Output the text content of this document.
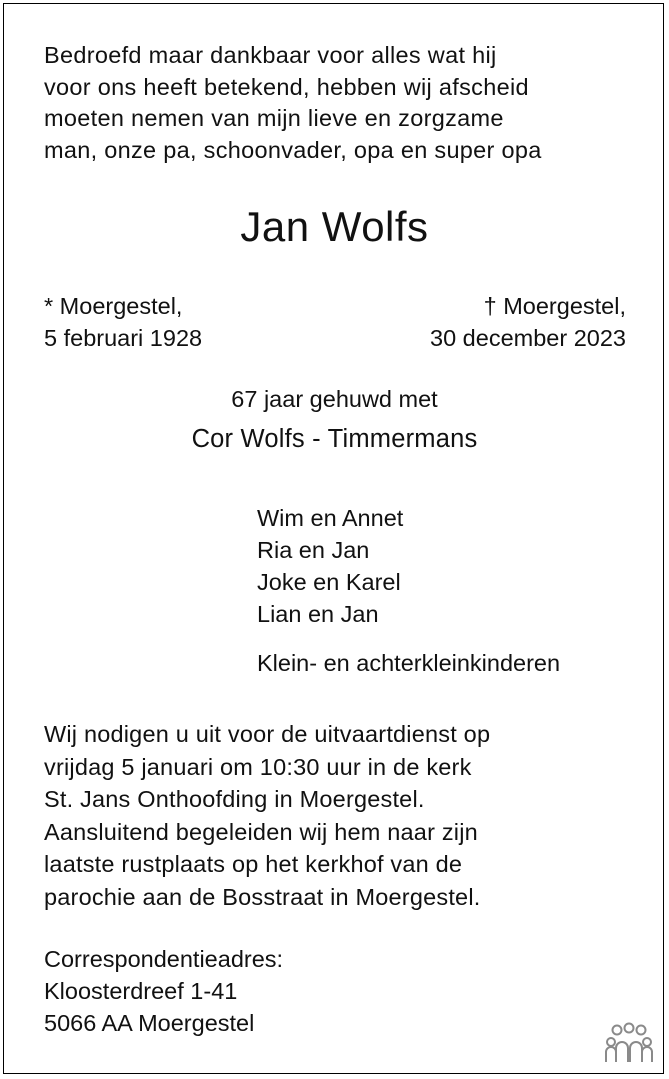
Bedroefd maar dankbaar voor alles wat hij
voor ons heeft betekend, hebben wij afscheid
moeten nemen van mijn lieve en zorgzame
man, onze pa, schoonvader, opa en super opa
Jan Wolfs
* Moergestel,
5 februari 1928
† Moergestel,
30 december 2023
67 jaar gehuwd met
Cor Wolfs - Timmermans
Wim en Annet
Ria en Jan
Joke en Karel
Lian en Jan
Klein- en achterkleinkinderen
Wij nodigen u uit voor de uitvaartdienst op
vrijdag 5 januari om 10:30 uur in de kerk
St. Jans Onthoofding in Moergestel.
Aansluitend begeleiden wij hem naar zijn
laatste rustplaats op het kerkhof van de
parochie aan de Bosstraat in Moergestel.
Correspondentieadres:
Kloosterdreef 1-41
5066 AA Moergestel
